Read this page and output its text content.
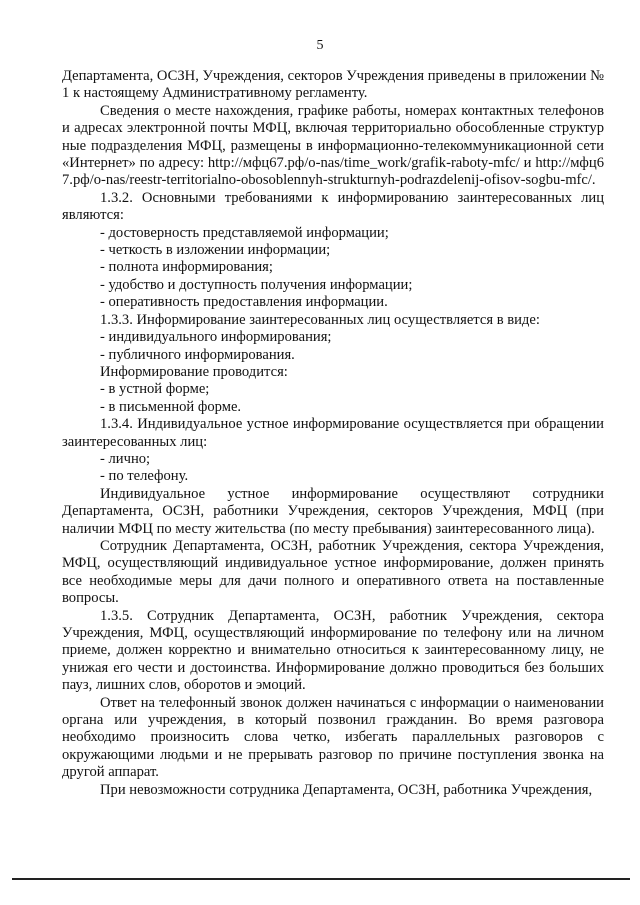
5

Департамента, ОСЗН, Учреждения, секторов Учреждения приведены в приложении № 1 к настоящему Административному регламенту.

Сведения о месте нахождения, графике работы, номерах контактных телефонов и адресах электронной почты МФЦ, включая территориально обособленные структурные подразделения МФЦ, размещены в информационно-телекоммуникационной сети «Интернет» по адресу: http://мфц67.рф/o-nas/time_work/grafik-raboty-mfc/ и http://мфц67.рф/o-nas/reestr-territorialno-obosoblennyh-strukturnyh-podrazdelenij-ofisov-sogbu-mfc/.

1.3.2. Основными требованиями к информированию заинтересованных лиц являются:

- достоверность представляемой информации;

- четкость в изложении информации;

- полнота информирования;

- удобство и доступность получения информации;

- оперативность предоставления информации.

1.3.3. Информирование заинтересованных лиц осуществляется в виде:

- индивидуального информирования;

- публичного информирования.

Информирование проводится:

- в устной форме;

- в письменной форме.

1.3.4. Индивидуальное устное информирование осуществляется при обращении заинтересованных лиц:

- лично;

- по телефону.

Индивидуальное устное информирование осуществляют сотрудники Департамента, ОСЗН, работники Учреждения, секторов Учреждения, МФЦ (при наличии МФЦ по месту жительства (по месту пребывания) заинтересованного лица).

Сотрудник Департамента, ОСЗН, работник Учреждения, сектора Учреждения, МФЦ, осуществляющий индивидуальное устное информирование, должен принять все необходимые меры для дачи полного и оперативного ответа на поставленные вопросы.

1.3.5. Сотрудник Департамента, ОСЗН, работник Учреждения, сектора Учреждения, МФЦ, осуществляющий информирование по телефону или на личном приеме, должен корректно и внимательно относиться к заинтересованному лицу, не унижая его чести и достоинства. Информирование должно проводиться без больших пауз, лишних слов, оборотов и эмоций.

Ответ на телефонный звонок должен начинаться с информации о наименовании органа или учреждения, в который позвонил гражданин. Во время разговора необходимо произносить слова четко, избегать параллельных разговоров с окружающими людьми и не прерывать разговор по причине поступления звонка на другой аппарат.

При невозможности сотрудника Департамента, ОСЗН, работника Учреждения,
